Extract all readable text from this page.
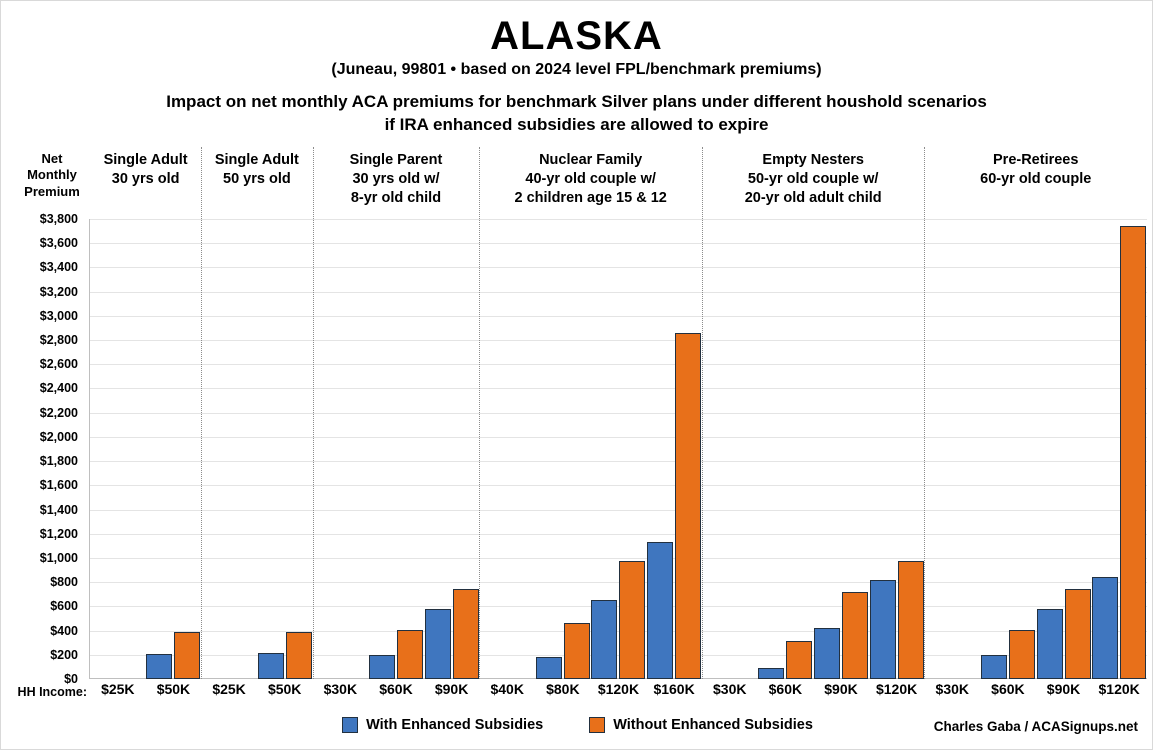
ALASKA
(Juneau, 99801 • based on 2024 level FPL/benchmark premiums)
Impact on net monthly ACA premiums for benchmark Silver plans under different houshold scenarios
if IRA enhanced subsidies are allowed to expire
Net
Monthly
Premium
$0
$200
$400
$600
$800
$1,000
$1,200
$1,400
$1,600
$1,800
$2,000
$2,200
$2,400
$2,600
$2,800
$3,000
$3,200
$3,400
$3,600
$3,800
Single Adult
30 yrs old
$25K	$50K
Single Adult
50 yrs old
$25K	$50K
Single Parent
30 yrs old w/
8-yr old child
$30K	$60K	$90K
Nuclear Family
40-yr old couple w/
2 children age 15 & 12
$40K	$80K	$120K	$160K
Empty Nesters
50-yr old couple w/
20-yr old adult child
$30K	$60K	$90K	$120K
Pre-Retirees
60-yr old couple
$30K	$60K	$90K	$120K
HH Income:
With Enhanced Subsidies	Without Enhanced Subsidies	Charles Gaba / ACASignups.net
